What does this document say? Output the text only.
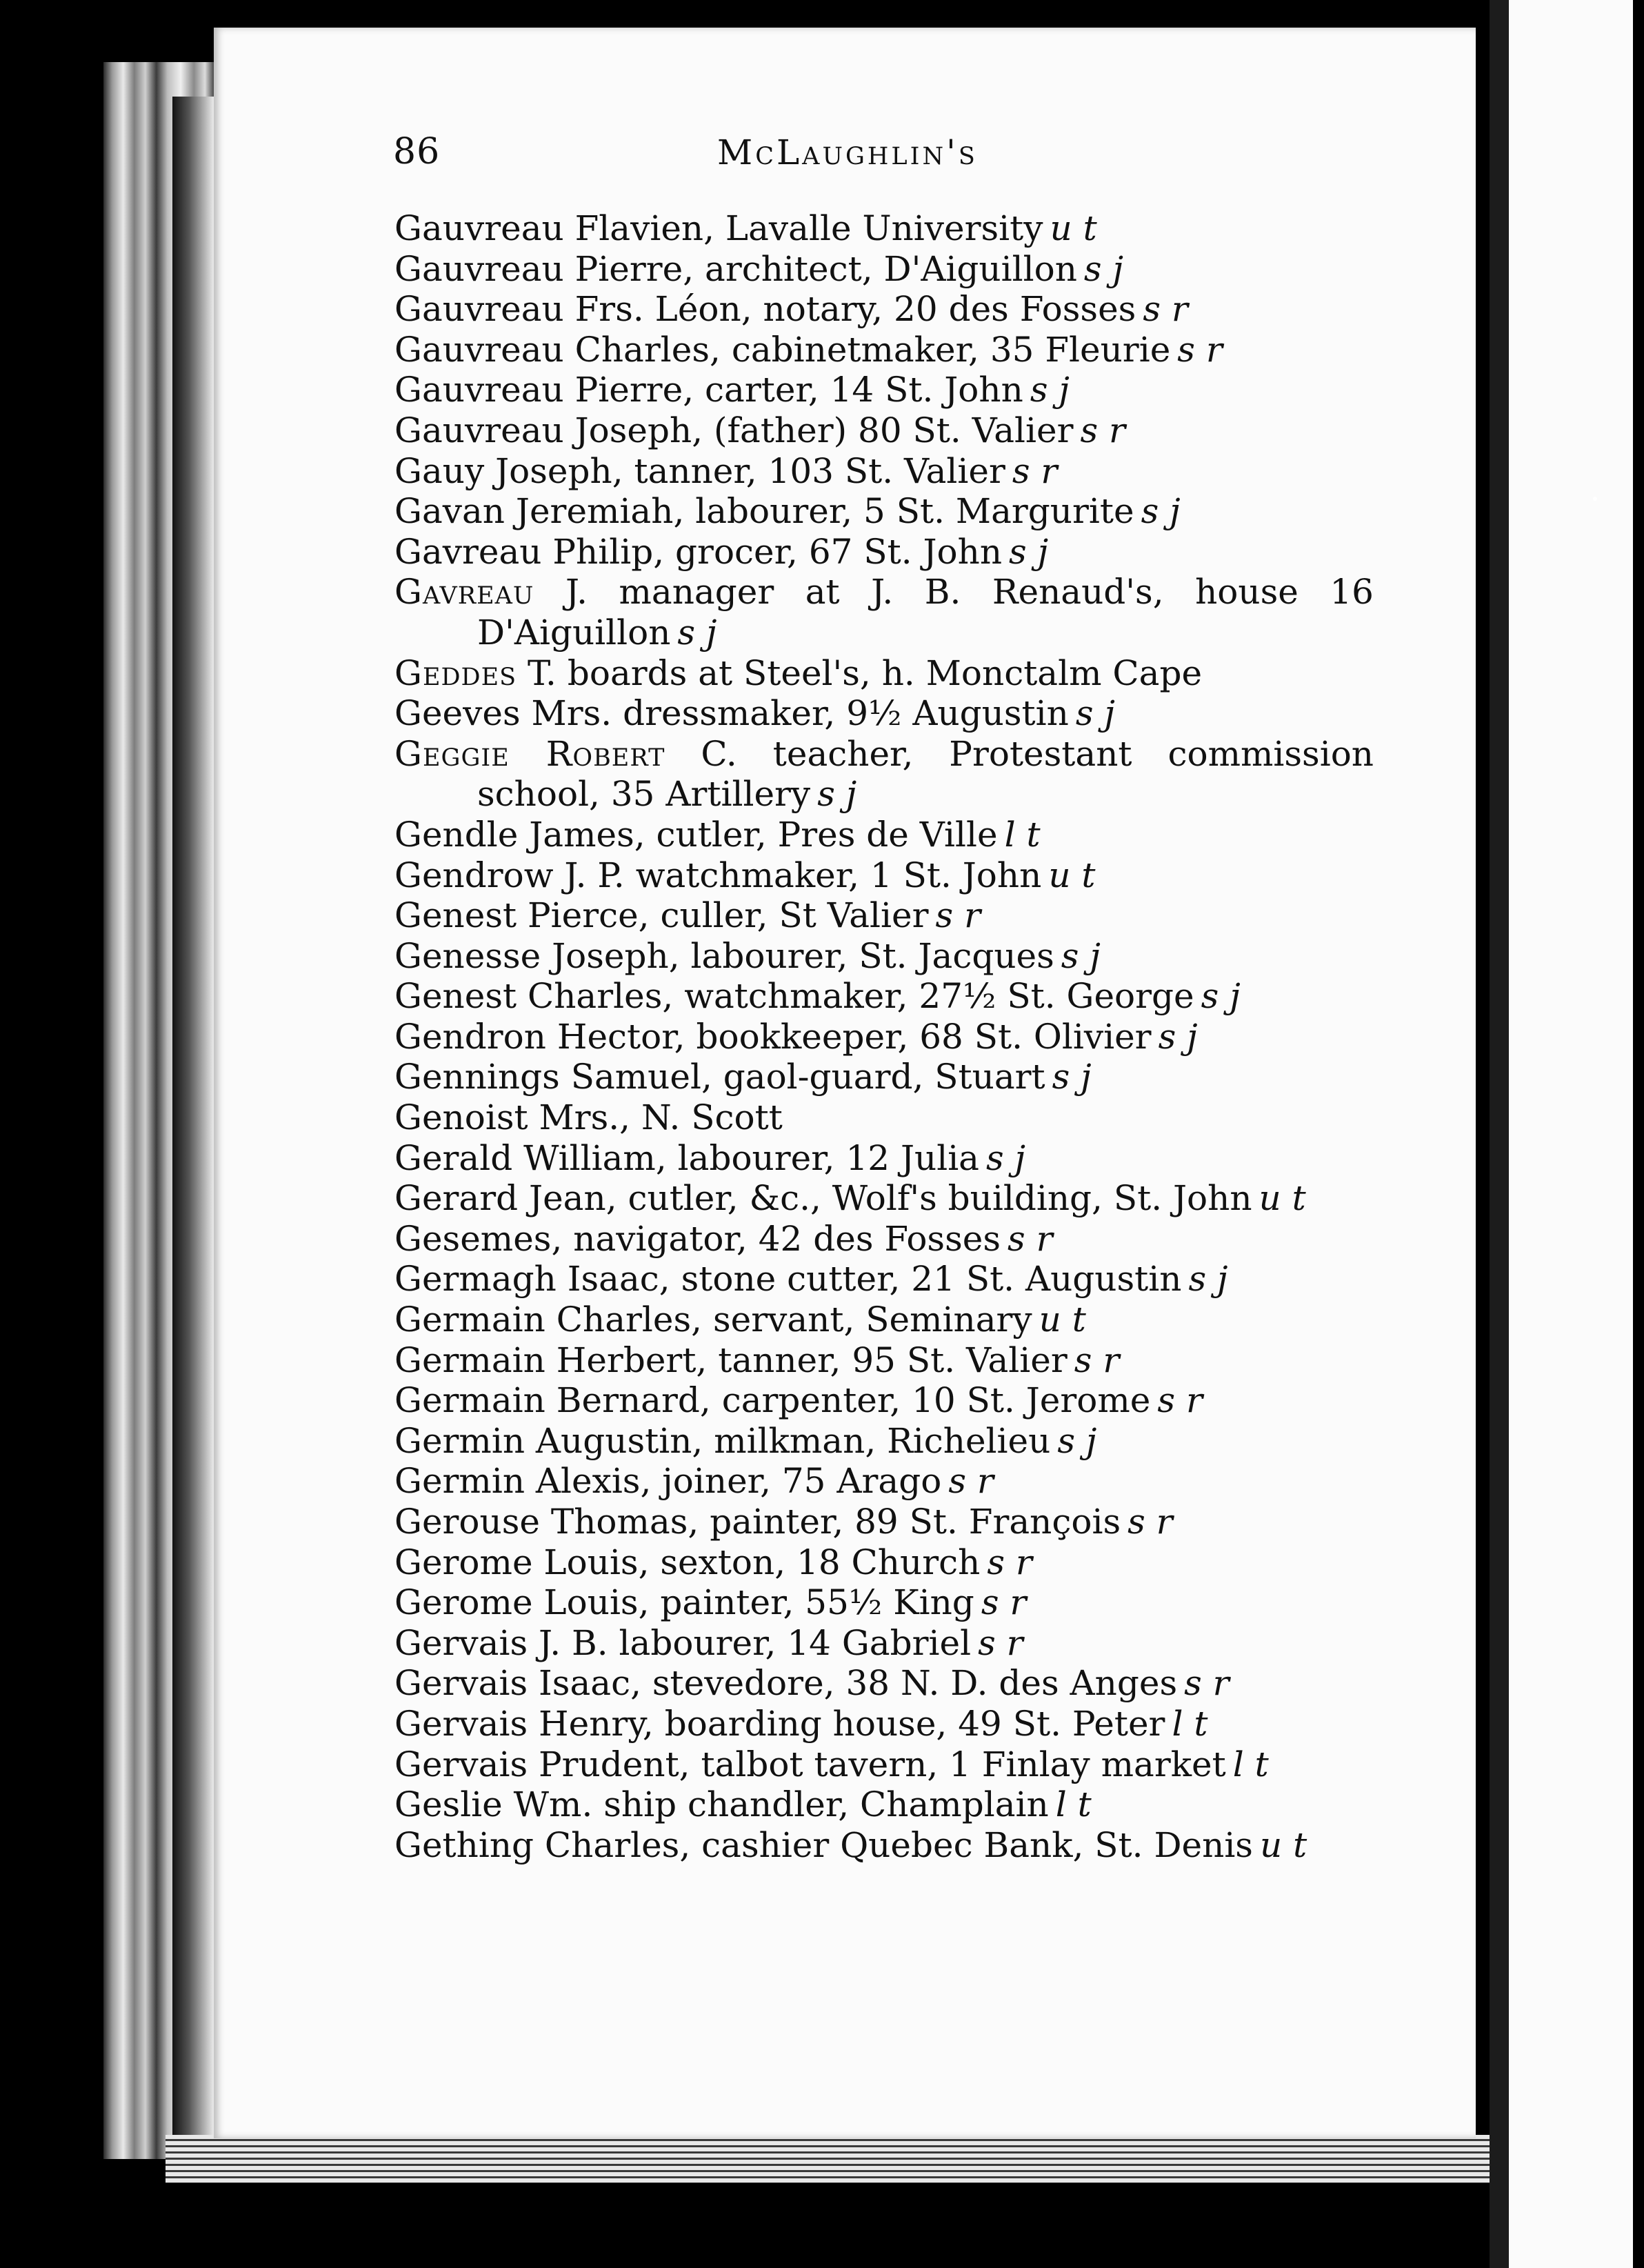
86	McLaughlin's
Gauvreau Flavien, Lavalle University u t
Gauvreau Pierre, architect, D'Aiguillon s j
Gauvreau Frs. Léon, notary, 20 des Fosses s r
Gauvreau Charles, cabinetmaker, 35 Fleurie s r
Gauvreau Pierre, carter, 14 St. John s j
Gauvreau Joseph, (father) 80 St. Valier s r
Gauy Joseph, tanner, 103 St. Valier s r
Gavan Jeremiah, labourer, 5 St. Margurite s j
Gavreau Philip, grocer, 67 St. John s j
Gavreau J. manager at J. B. Renaud's, house 16
D'Aiguillon s j
Geddes T. boards at Steel's, h. Monctalm Cape
Geeves Mrs. dressmaker, 9½ Augustin s j
Geggie Robert C. teacher, Protestant commission
school, 35 Artillery s j
Gendle James, cutler, Pres de Ville l t
Gendrow J. P. watchmaker, 1 St. John u t
Genest Pierce, culler, St Valier s r
Genesse Joseph, labourer, St. Jacques s j
Genest Charles, watchmaker, 27½ St. George s j
Gendron Hector, bookkeeper, 68 St. Olivier s j
Gennings Samuel, gaol-guard, Stuart s j
Genoist Mrs., N. Scott
Gerald William, labourer, 12 Julia s j
Gerard Jean, cutler, &c., Wolf's building, St. John u t
Gesemes, navigator, 42 des Fosses s r
Germagh Isaac, stone cutter, 21 St. Augustin s j
Germain Charles, servant, Seminary u t
Germain Herbert, tanner, 95 St. Valier s r
Germain Bernard, carpenter, 10 St. Jerome s r
Germin Augustin, milkman, Richelieu s j
Germin Alexis, joiner, 75 Arago s r
Gerouse Thomas, painter, 89 St. François s r
Gerome Louis, sexton, 18 Church s r
Gerome Louis, painter, 55½ King s r
Gervais J. B. labourer, 14 Gabriel s r
Gervais Isaac, stevedore, 38 N. D. des Anges s r
Gervais Henry, boarding house, 49 St. Peter l t
Gervais Prudent, talbot tavern, 1 Finlay market l t
Geslie Wm. ship chandler, Champlain l t
Gething Charles, cashier Quebec Bank, St. Denis u t
